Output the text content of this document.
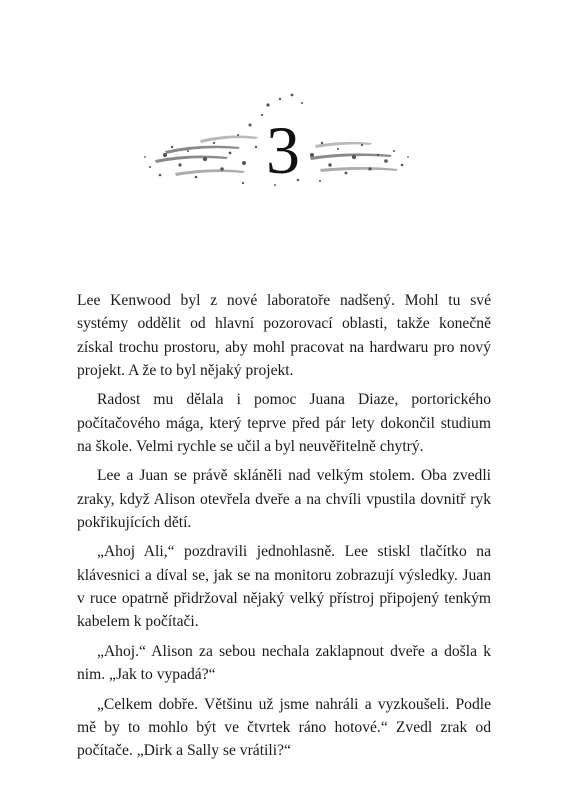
3

Lee Kenwood byl z nové laboratoře nadšený. Mohl tu své systémy oddělit od hlavní pozorovací oblasti, takže konečně získal trochu prostoru, aby mohl pracovat na hardwaru pro nový projekt. A že to byl nějaký projekt.

Radost mu dělala i pomoc Juana Diaze, portorického počítačového mága, který teprve před pár lety dokončil studium na škole. Velmi rychle se učil a byl neuvěřitelně chytrý.

Lee a Juan se právě skláněli nad velkým stolem. Oba zvedli zraky, když Alison otevřela dveře a na chvíli vpustila dovnitř ryk pokřikujících dětí.

„Ahoj Ali,“ pozdravili jednohlasně. Lee stiskl tlačítko na klávesnici a díval se, jak se na monitoru zobrazují výsledky. Juan v ruce opatrně přidržoval nějaký velký přístroj připojený tenkým kabelem k počítači.

„Ahoj.“ Alison za sebou nechala zaklapnout dveře a došla k nim. „Jak to vypadá?“

„Celkem dobře. Většinu už jsme nahráli a vyzkoušeli. Podle mě by to mohlo být ve čtvrtek ráno hotové.“ Zvedl zrak od počítače. „Dirk a Sally se vrátili?“
